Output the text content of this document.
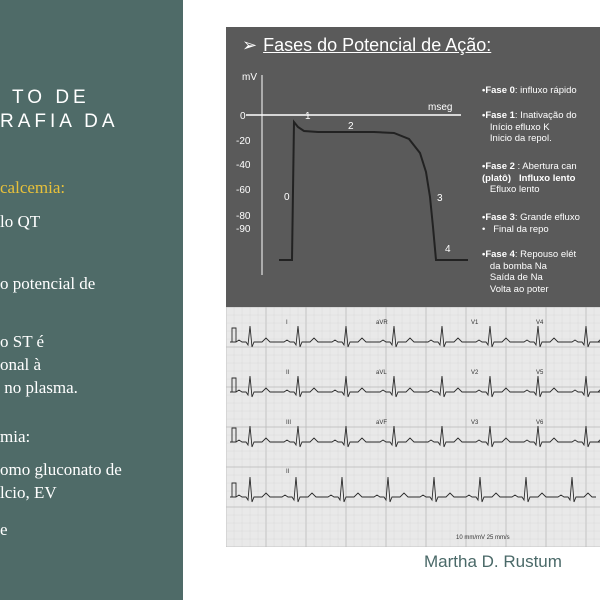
TO DE
RAFIA DA
calcemia:
lo QT
o potencial de
o ST é
onal à
no plasma.
mia:
omo gluconato de
lcio, EV
e
➢ Fases do Potencial de Ação:
mV
mseg
0
-20
-40
-60
-80
-90
0
1
2
3
4
•Fase 0: influxo rápido
•Fase 1: Inativação do
Início efluxo K
Inicio da repol.
•Fase 2 : Abertura can
(platô)   Influxo lento
Efluxo lento
•Fase 3: Grande efluxo
•   Final da repo
•Fase 4: Repouso elét
da bomba Na
Saída de Na
Volta ao poter
I	aVR	V1	V4
II	aVL	V2	V5
III	aVF	V3	V6
II
10 mm/mV 25 mm/s
Martha D. Rustum
